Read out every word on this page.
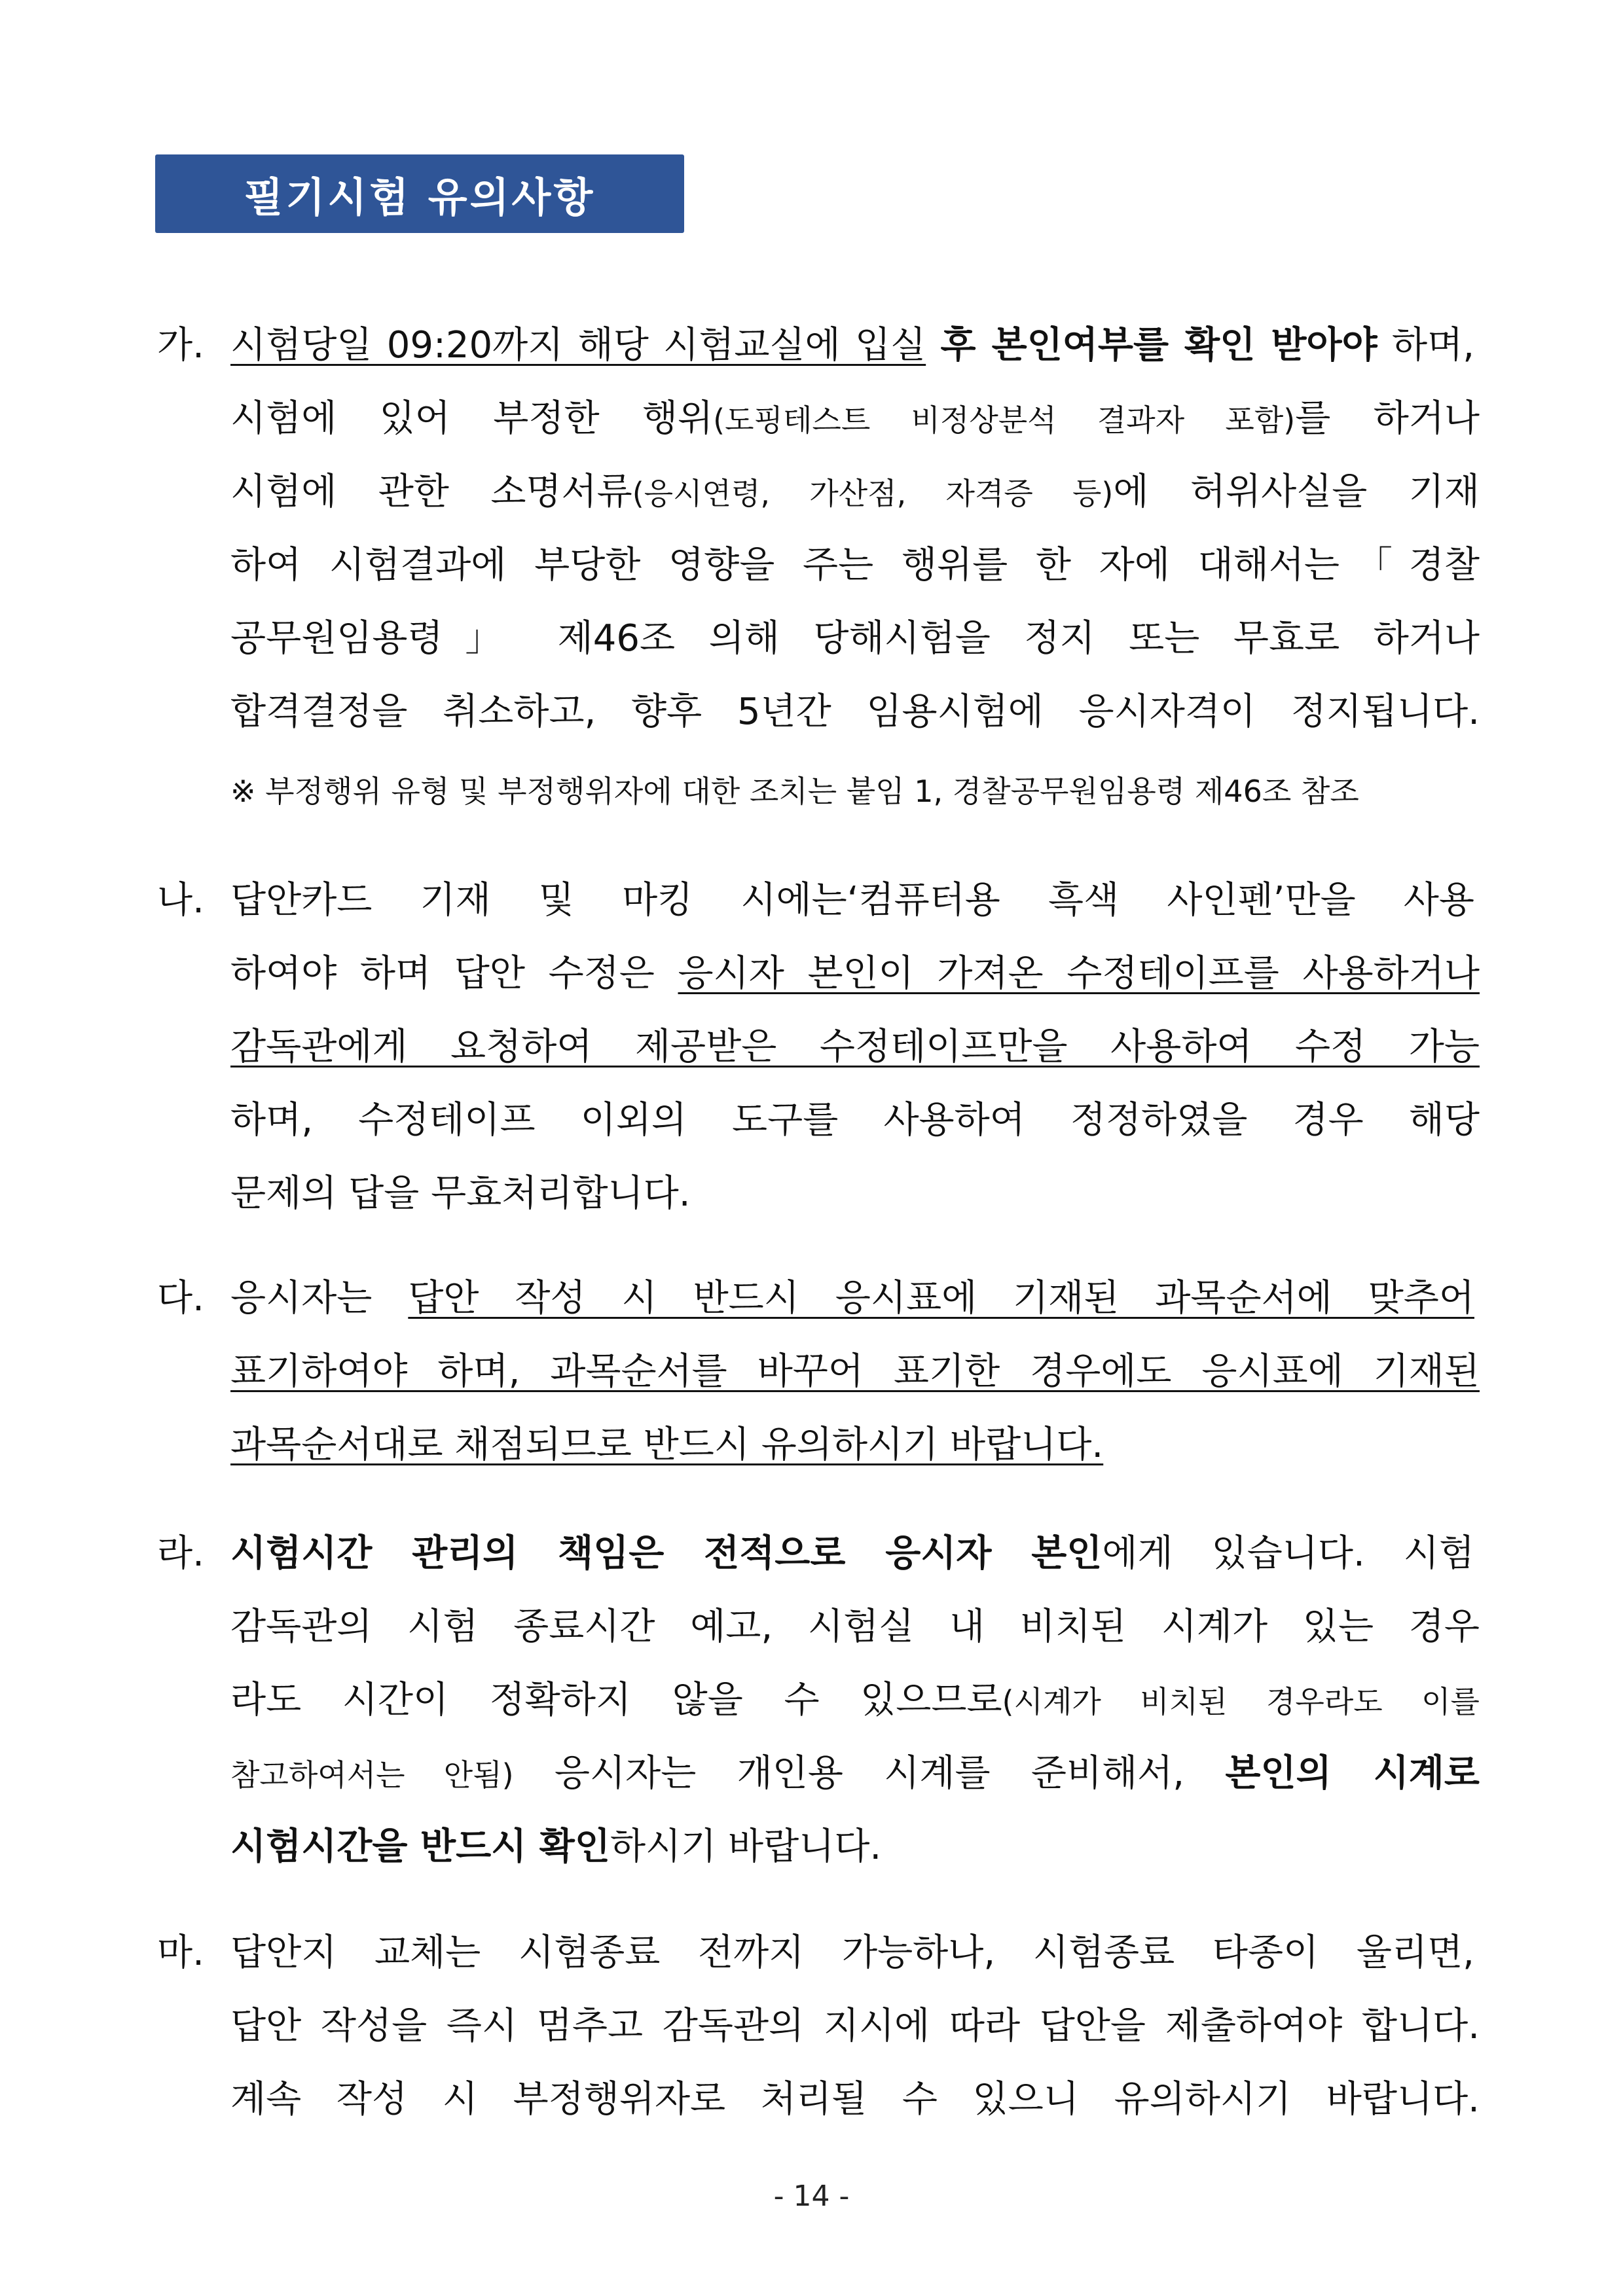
필기시험 유의사항
가. 시험당일 09:20까지 해당 시험교실에 입실 후 본인여부를 확인 받아야 하며,
시험에 있어 부정한 행위(도핑테스트 비정상분석 결과자 포함)를 하거나
시험에 관한 소명서류(응시연령, 가산점, 자격증 등)에 허위사실을 기재
하여 시험결과에 부당한 영향을 주는 행위를 한 자에 대해서는「경찰
공무원임용령」 제46조 의해 당해시험을 정지 또는 무효로 하거나
합격결정을 취소하고, 향후 5년간 임용시험에 응시자격이 정지됩니다.
※ 부정행위 유형 및 부정행위자에 대한 조치는 붙임 1, 경찰공무원임용령 제46조 참조
나. 답안카드 기재 및 마킹 시에는‘컴퓨터용 흑색 사인펜’만을 사용
하여야 하며 답안 수정은 응시자 본인이 가져온 수정테이프를 사용하거나
감독관에게 요청하여 제공받은 수정테이프만을 사용하여 수정 가능
하며, 수정테이프 이외의 도구를 사용하여 정정하였을 경우 해당
문제의 답을 무효처리합니다.
다. 응시자는 답안 작성 시 반드시 응시표에 기재된 과목순서에 맞추어
표기하여야 하며, 과목순서를 바꾸어 표기한 경우에도 응시표에 기재된
과목순서대로 채점되므로 반드시 유의하시기 바랍니다.
라. 시험시간 관리의 책임은 전적으로 응시자 본인에게 있습니다. 시험
감독관의 시험 종료시간 예고, 시험실 내 비치된 시계가 있는 경우
라도 시간이 정확하지 않을 수 있으므로(시계가 비치된 경우라도 이를
참고하여서는 안됨) 응시자는 개인용 시계를 준비해서, 본인의 시계로
시험시간을 반드시 확인하시기 바랍니다.
마. 답안지 교체는 시험종료 전까지 가능하나, 시험종료 타종이 울리면,
답안 작성을 즉시 멈추고 감독관의 지시에 따라 답안을 제출하여야 합니다.
계속 작성 시 부정행위자로 처리될 수 있으니 유의하시기 바랍니다.
- 14 -
